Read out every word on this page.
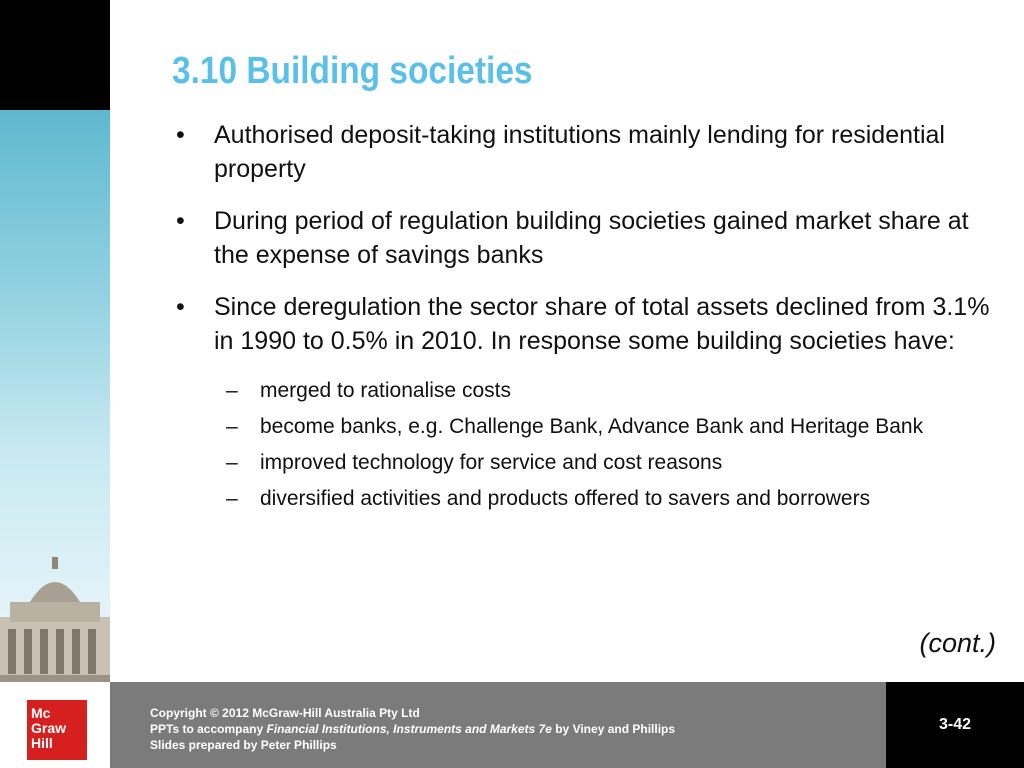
3.10 Building societies
• Authorised deposit-taking institutions mainly lending for residential property
• During period of regulation building societies gained market share at the expense of savings banks
• Since deregulation the sector share of total assets declined from 3.1% in 1990 to 0.5% in 2010. In response some building societies have:
– merged to rationalise costs
– become banks, e.g. Challenge Bank, Advance Bank and Heritage Bank
– improved technology for service and cost reasons
– diversified activities and products offered to savers and borrowers
(cont.)
Mc
Graw
Hill
Copyright © 2012 McGraw-Hill Australia Pty Ltd
PPTs to accompany Financial Institutions, Instruments and Markets 7e by Viney and Phillips
Slides prepared by Peter Phillips
3-42
